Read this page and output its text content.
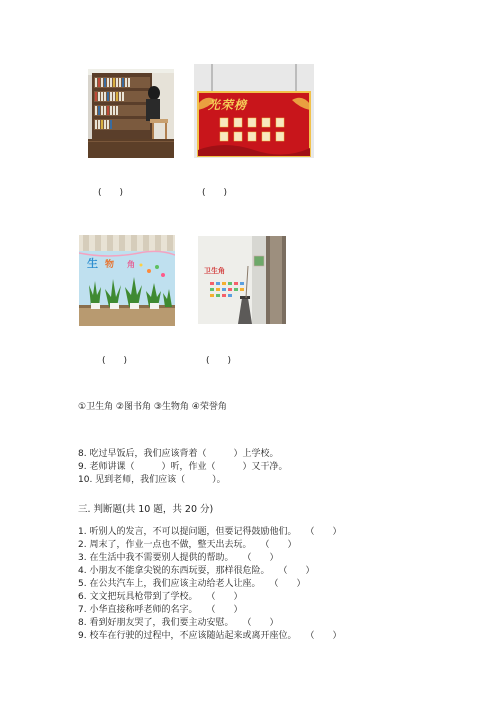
光荣榜
(　　)	(　　)
生 物 角
卫生角
(　　)	(　　)
①卫生角 ②图书角 ③生物角 ④荣誉角
8. 吃过早饭后，我们应该背着（　　　）上学校。
9. 老师讲课（　　　）听，作业（　　　）又干净。
10. 见到老师，我们应该（　　　）。
三. 判断题(共 10 题，共 20 分)
1. 听别人的发言，不可以提问题，但要记得鼓励他们。　　（　　）
2. 周末了，作业一点也不做，整天出去玩。　　（　　）
3. 在生活中我不需要别人提供的帮助。　　（　　）
4. 小朋友不能拿尖锐的东西玩耍，那样很危险。　　（　　）
5. 在公共汽车上，我们应该主动给老人让座。　　（　　）
6. 文文把玩具枪带到了学校。　　（　　）
7. 小华直接称呼老师的名字。　　（　　）
8. 看到好朋友哭了，我们要主动安慰。　　（　　）
9. 校车在行驶的过程中，不应该随站起来或离开座位。　　（　　）
